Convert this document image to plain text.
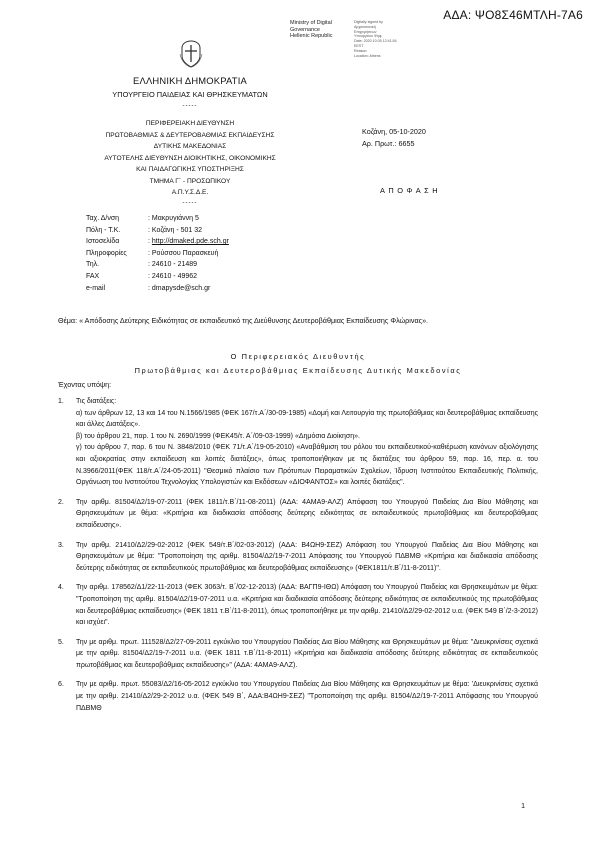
ΑΔΑ: ΨΟ8Σ46ΜΤΛΗ-7Α6
Ministry of Digital
Governance
Hellenic Republic
Digitally signed by
Αρχιτεκτονική
Επιχειρήσεων
Υπουργείου Ψηφ.
Date: 2020.10.05 12:41:54
EEST
Reason:
Location: Athens
ΕΛΛΗΝΙΚΗ ΔΗΜΟΚΡΑΤΙΑ
ΥΠΟΥΡΓΕΙΟ ΠΑΙΔΕΙΑΣ ΚΑΙ ΘΡΗΣΚΕΥΜΑΤΩΝ
-----
ΠΕΡΙΦΕΡΕΙΑΚΗ ΔΙΕΥΘΥΝΣΗ
ΠΡΩΤΟΒΑΘΜΙΑΣ & ΔΕΥΤΕΡΟΒΑΘΜΙΑΣ ΕΚΠΑΙΔΕΥΣΗΣ
ΔΥΤΙΚΗΣ ΜΑΚΕΔΟΝΙΑΣ
ΑΥΤΟΤΕΛΗΣ ΔΙΕΥΘΥΝΣΗ ΔΙΟΙΚΗΤΙΚΗΣ, ΟΙΚΟΝΟΜΙΚΗΣ
ΚΑΙ ΠΑΙΔΑΓΩΓΙΚΗΣ ΥΠΟΣΤΗΡΙΞΗΣ
ΤΜΗΜΑ Γ΄ - ΠΡΟΣΩΠΙΚΟΥ
Α.Π.Υ.Σ.Δ.Ε.
-----
Κοζάνη, 05-10-2020
Αρ. Πρωτ.: 6655
ΑΠΟΦΑΣΗ
Ταχ. Δ/νση	: Μακρυγιάννη 5
Πόλη - Τ.Κ.	: Κοζάνη - 501 32
Ιστοσελίδα	: http://dmaked.pde.sch.gr
Πληροφορίες	: Ρούσσου Παρασκευή
Τηλ.	: 24610 - 21489
FAX	: 24610 - 49962
e-mail	: dmapysde@sch.gr
Θέμα: « Απόδοσης Δεύτερης Ειδικότητας σε εκπαιδευτικό της Διεύθυνσης Δευτεροβάθμιας Εκπαίδευσης Φλώρινας».
Ο Περιφερειακός Διευθυντής
Πρωτοβάθμιας και Δευτεροβάθμιας Εκπαίδευσης Δυτικής Μακεδονίας
Έχοντας υπόψη:
1. Τις διατάξεις:

α) των άρθρων 12, 13 και 14 του Ν.1566/1985 (ΦΕΚ 167/τ.Α΄/30-09-1985) «Δομή και Λειτουργία της πρωτοβάθμιας και δευτεροβάθμιας εκπαίδευσης και άλλες Διατάξεις».

β) του άρθρου 21, παρ. 1 του Ν. 2690/1999 (ΦΕΚ45/τ. Α΄/09-03-1999) «Δημόσια Διοίκηση».

γ) του άρθρου 7, παρ. 6 του Ν. 3848/2010 (ΦΕΚ 71/τ.Α΄/19-05-2010) «Αναβάθμιση του ρόλου του εκπαιδευτικού-καθιέρωση κανόνων αξιολόγησης και αξιοκρατίας στην εκπαίδευση και λοιπές διατάξεις», όπως τροποποιήθηκαν με τις διατάξεις του άρθρου 59, παρ. 16, περ. α. του Ν.3966/2011(ΦΕΚ 118/τ.Α΄/24-05-2011) "Θεσμικό πλαίσιο των Πρότυπων Πειραματικών Σχολείων, Ίδρυση Ινστιτούτου Εκπαιδευτικής Πολιτικής, Οργάνωση του Ινστιτούτου Τεχνολογίας Υπολογιστών και Εκδόσεων «ΔΙΟΦΑΝΤΟΣ» και λοιπές διατάξεις".

2. Την αριθμ. 81504/Δ2/19-07-2011 (ΦΕΚ 1811/τ.Β΄/11-08-2011) (ΑΔΑ: 4ΑΜΑ9-ΑΛΖ) Απόφαση του Υπουργού Παιδείας Δια Βίου Μάθησης και Θρησκευμάτων με θέμα: «Κριτήρια και διαδικασία απόδοσης δεύτερης ειδικότητας σε εκπαιδευτικούς πρωτοβάθμιας και δευτεροβάθμιας εκπαίδευσης».

3. Την αριθμ. 21410/Δ2/29-02-2012 (ΦΕΚ 549/τ.Β΄/02-03-2012) (ΑΔΑ: Β4ΩΗ9-ΣΕΖ) Απόφαση του Υπουργού Παιδείας Δια Βίου Μάθησης και Θρησκευμάτων με θέμα: "Τροποποίηση της αριθμ. 81504/Δ2/19-7-2011 Απόφασης του Υπουργού ΠΔΒΜΘ «Κριτήρια και διαδικασία απόδοσης δεύτερης ειδικότητας σε εκπαιδευτικούς πρωτοβάθμιας και δευτεροβάθμιας εκπαίδευσης» (ΦΕΚ1811/τ.Β΄/11-8-2011)".

4. Την αριθμ. 178562/Δ1/22-11-2013 (ΦΕΚ 3063/τ. Β΄/02-12-2013) (ΑΔΑ: ΒΑΓΠ9-ΙΘΩ) Απόφαση του Υπουργού Παιδείας και Θρησκευμάτων με θέμα: "Τροποποίηση της αριθμ. 81504/Δ2/19-07-2011 υ.α. «Κριτήρια και διαδικασία απόδοσης δεύτερης ειδικότητας σε εκπαιδευτικούς της πρωτοβάθμιας και δευτεροβάθμιας εκπαίδευσης» (ΦΕΚ 1811 τ.Β΄/11-8-2011), όπως τροποποιήθηκε με την αριθμ. 21410/Δ2/29-02-2012 υ.α. (ΦΕΚ 549 Β΄/2-3-2012) και ισχύει".

5. Την με αριθμ. πρωτ. 111528/Δ2/27-09-2011 εγκύκλιο του Υπουργείου Παιδείας Δια Βίου Μάθησης και Θρησκευμάτων με θέμα: "Διευκρινίσεις σχετικά με την αριθμ. 81504/Δ2/19-7-2011 υ.α. (ΦΕΚ 1811 τ.Β΄/11-8-2011) «Κριτήρια και διαδικασία απόδοσης δεύτερης ειδικότητας σε εκπαιδευτικούς πρωτοβάθμιας και δευτεροβάθμιας εκπαίδευσης»" (ΑΔΑ: 4ΑΜΑ9-ΑΛΖ).

6. Την με αριθμ. πρωτ. 55083/Δ2/16-05-2012 εγκύκλιο του Υπουργείου Παιδείας Δια Βίου Μάθησης και Θρησκευμάτων με θέμα: 'Διευκρινίσεις σχετικά με την αριθμ. 21410/Δ2/29-2-2012 υ.α. (ΦΕΚ 549 Β΄, ΑΔΑ:Β4ΩΗ9-ΣΕΖ) "Τροποποίηση της αριθμ. 81504/Δ2/19-7-2011 Απόφασης του Υπουργού ΠΔΒΜΘ

1
